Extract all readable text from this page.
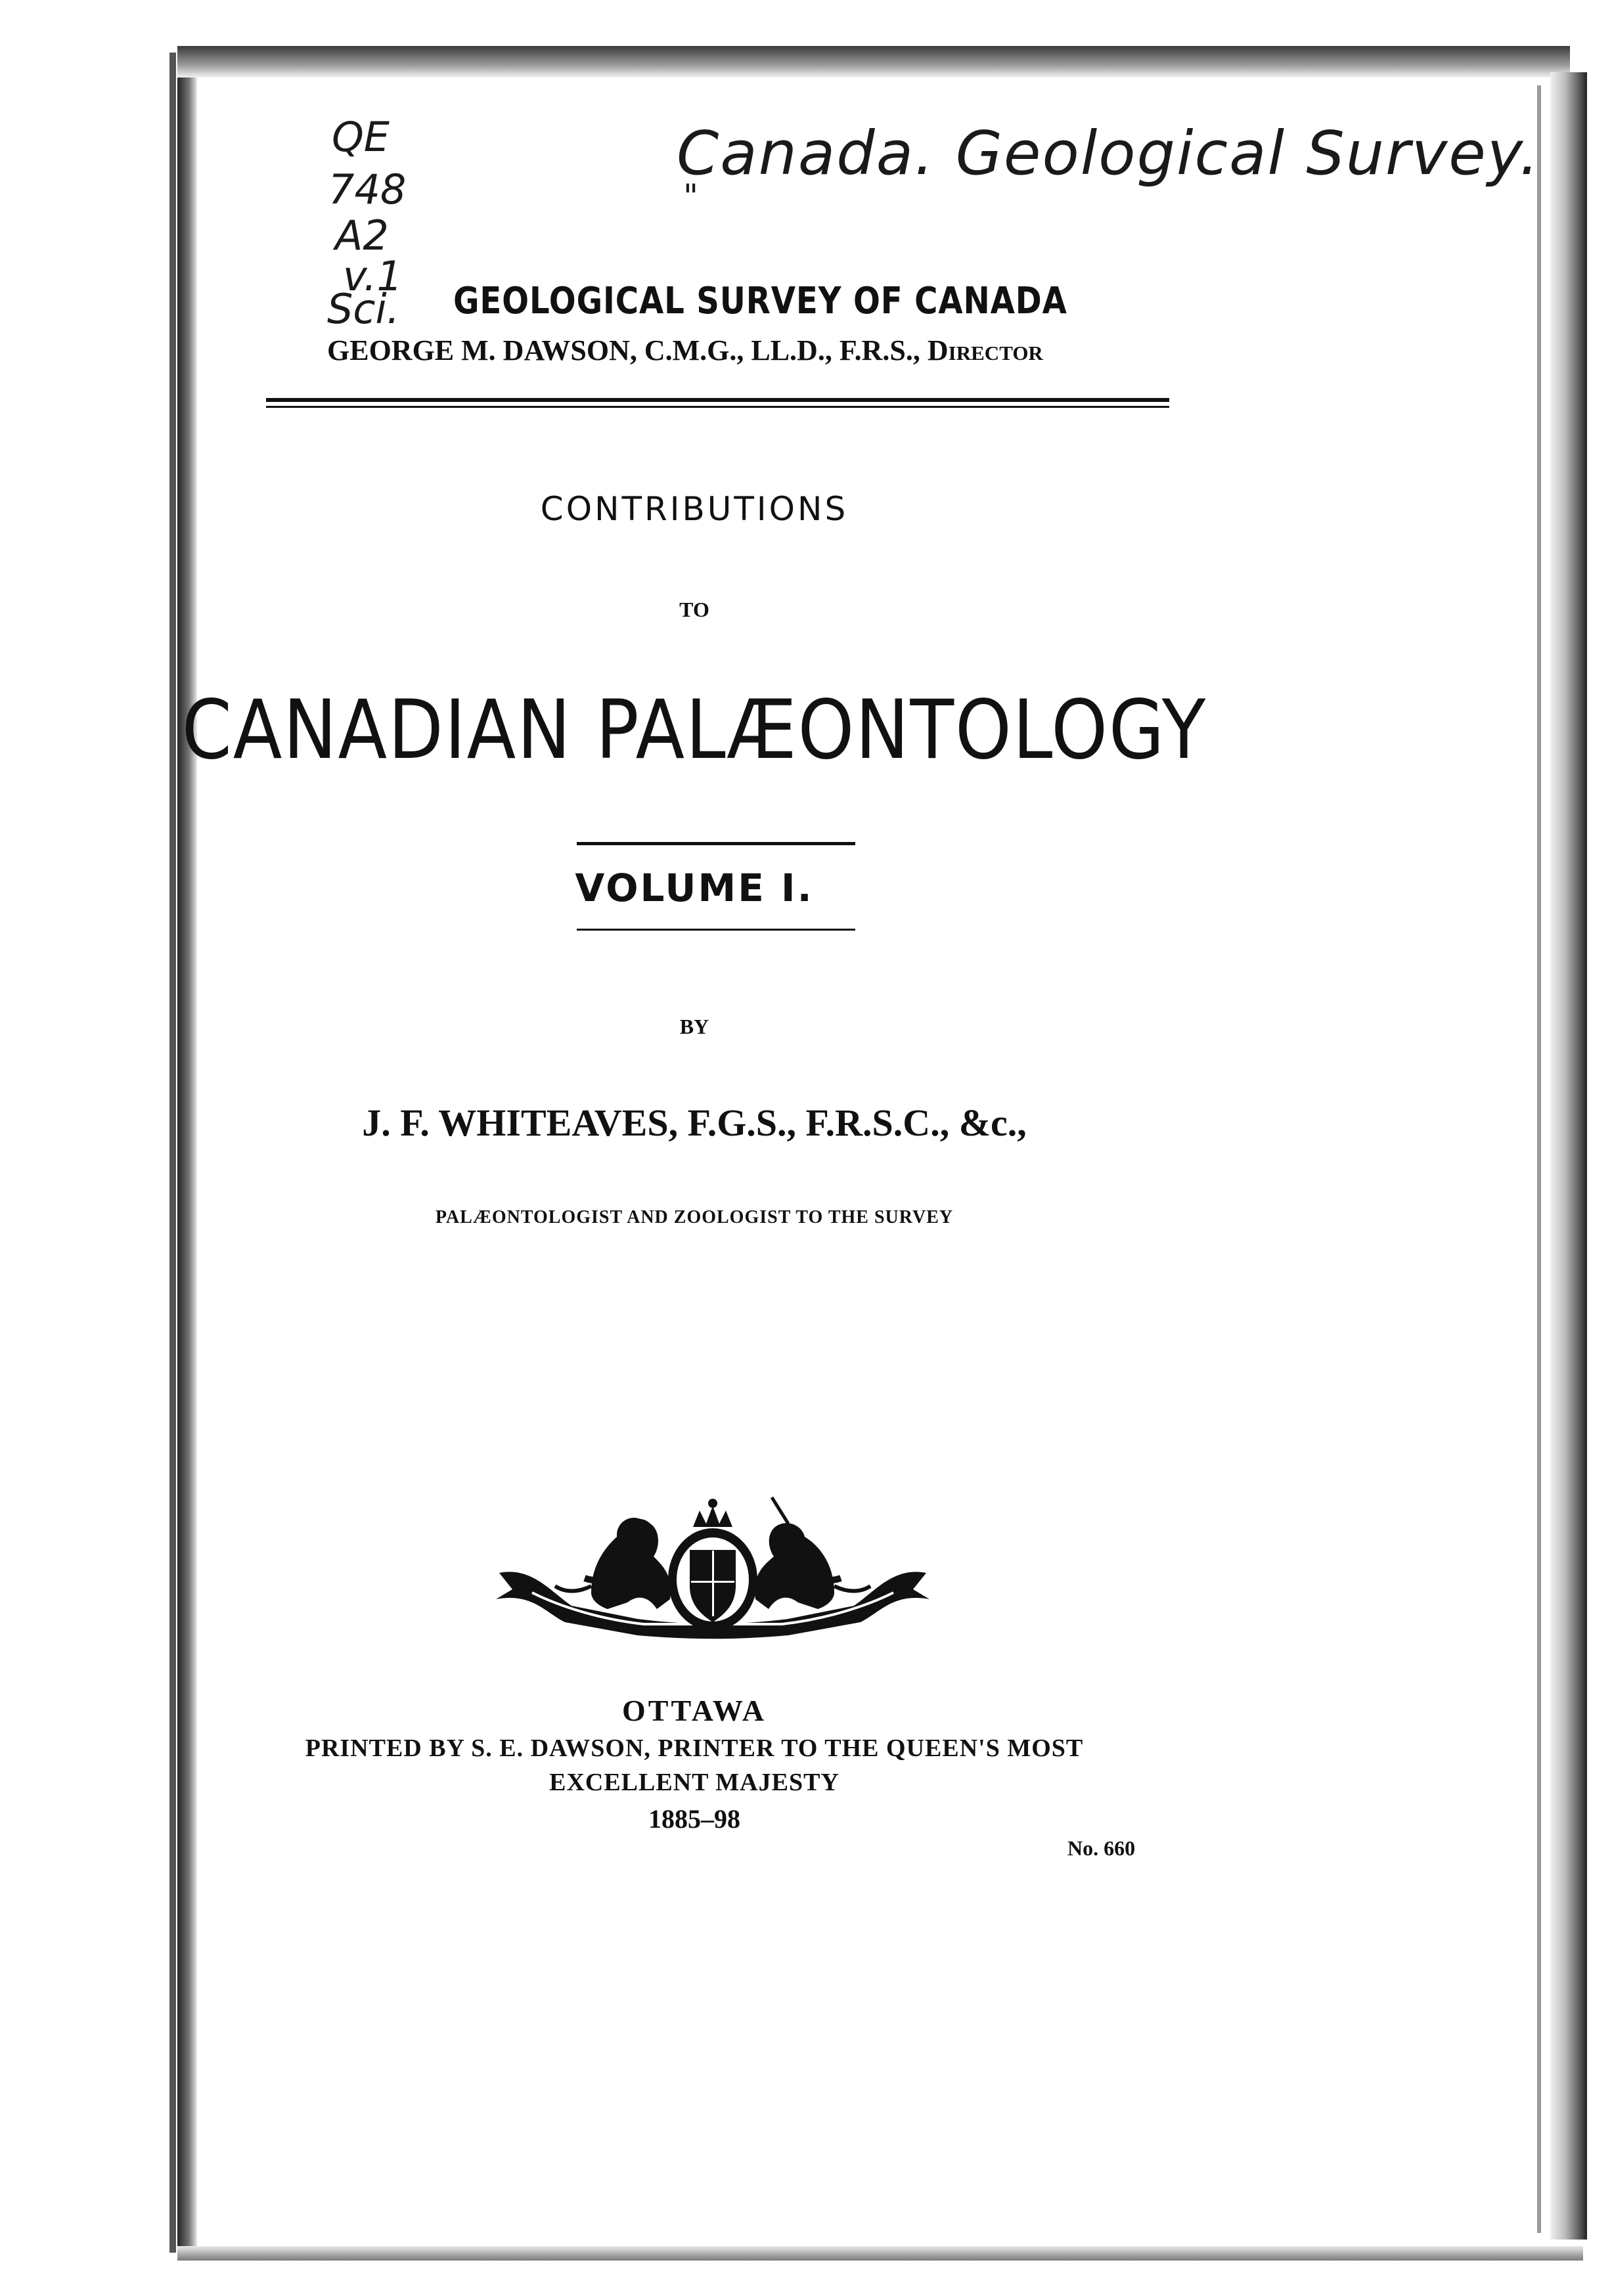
QE
748
A2
v.1
Sci.
Canada. Geological Survey.
"
GEOLOGICAL SURVEY OF CANADA
GEORGE M. DAWSON, C.M.G., LL.D., F.R.S., Director
CONTRIBUTIONS
TO
CANADIAN PALÆONTOLOGY
VOLUME I.
BY
J. F. WHITEAVES, F.G.S., F.R.S.C., &c.,
PALÆONTOLOGIST AND ZOOLOGIST TO THE SURVEY
OTTAWA
PRINTED BY S. E. DAWSON, PRINTER TO THE QUEEN'S MOST
EXCELLENT MAJESTY
1885–98
No. 660
